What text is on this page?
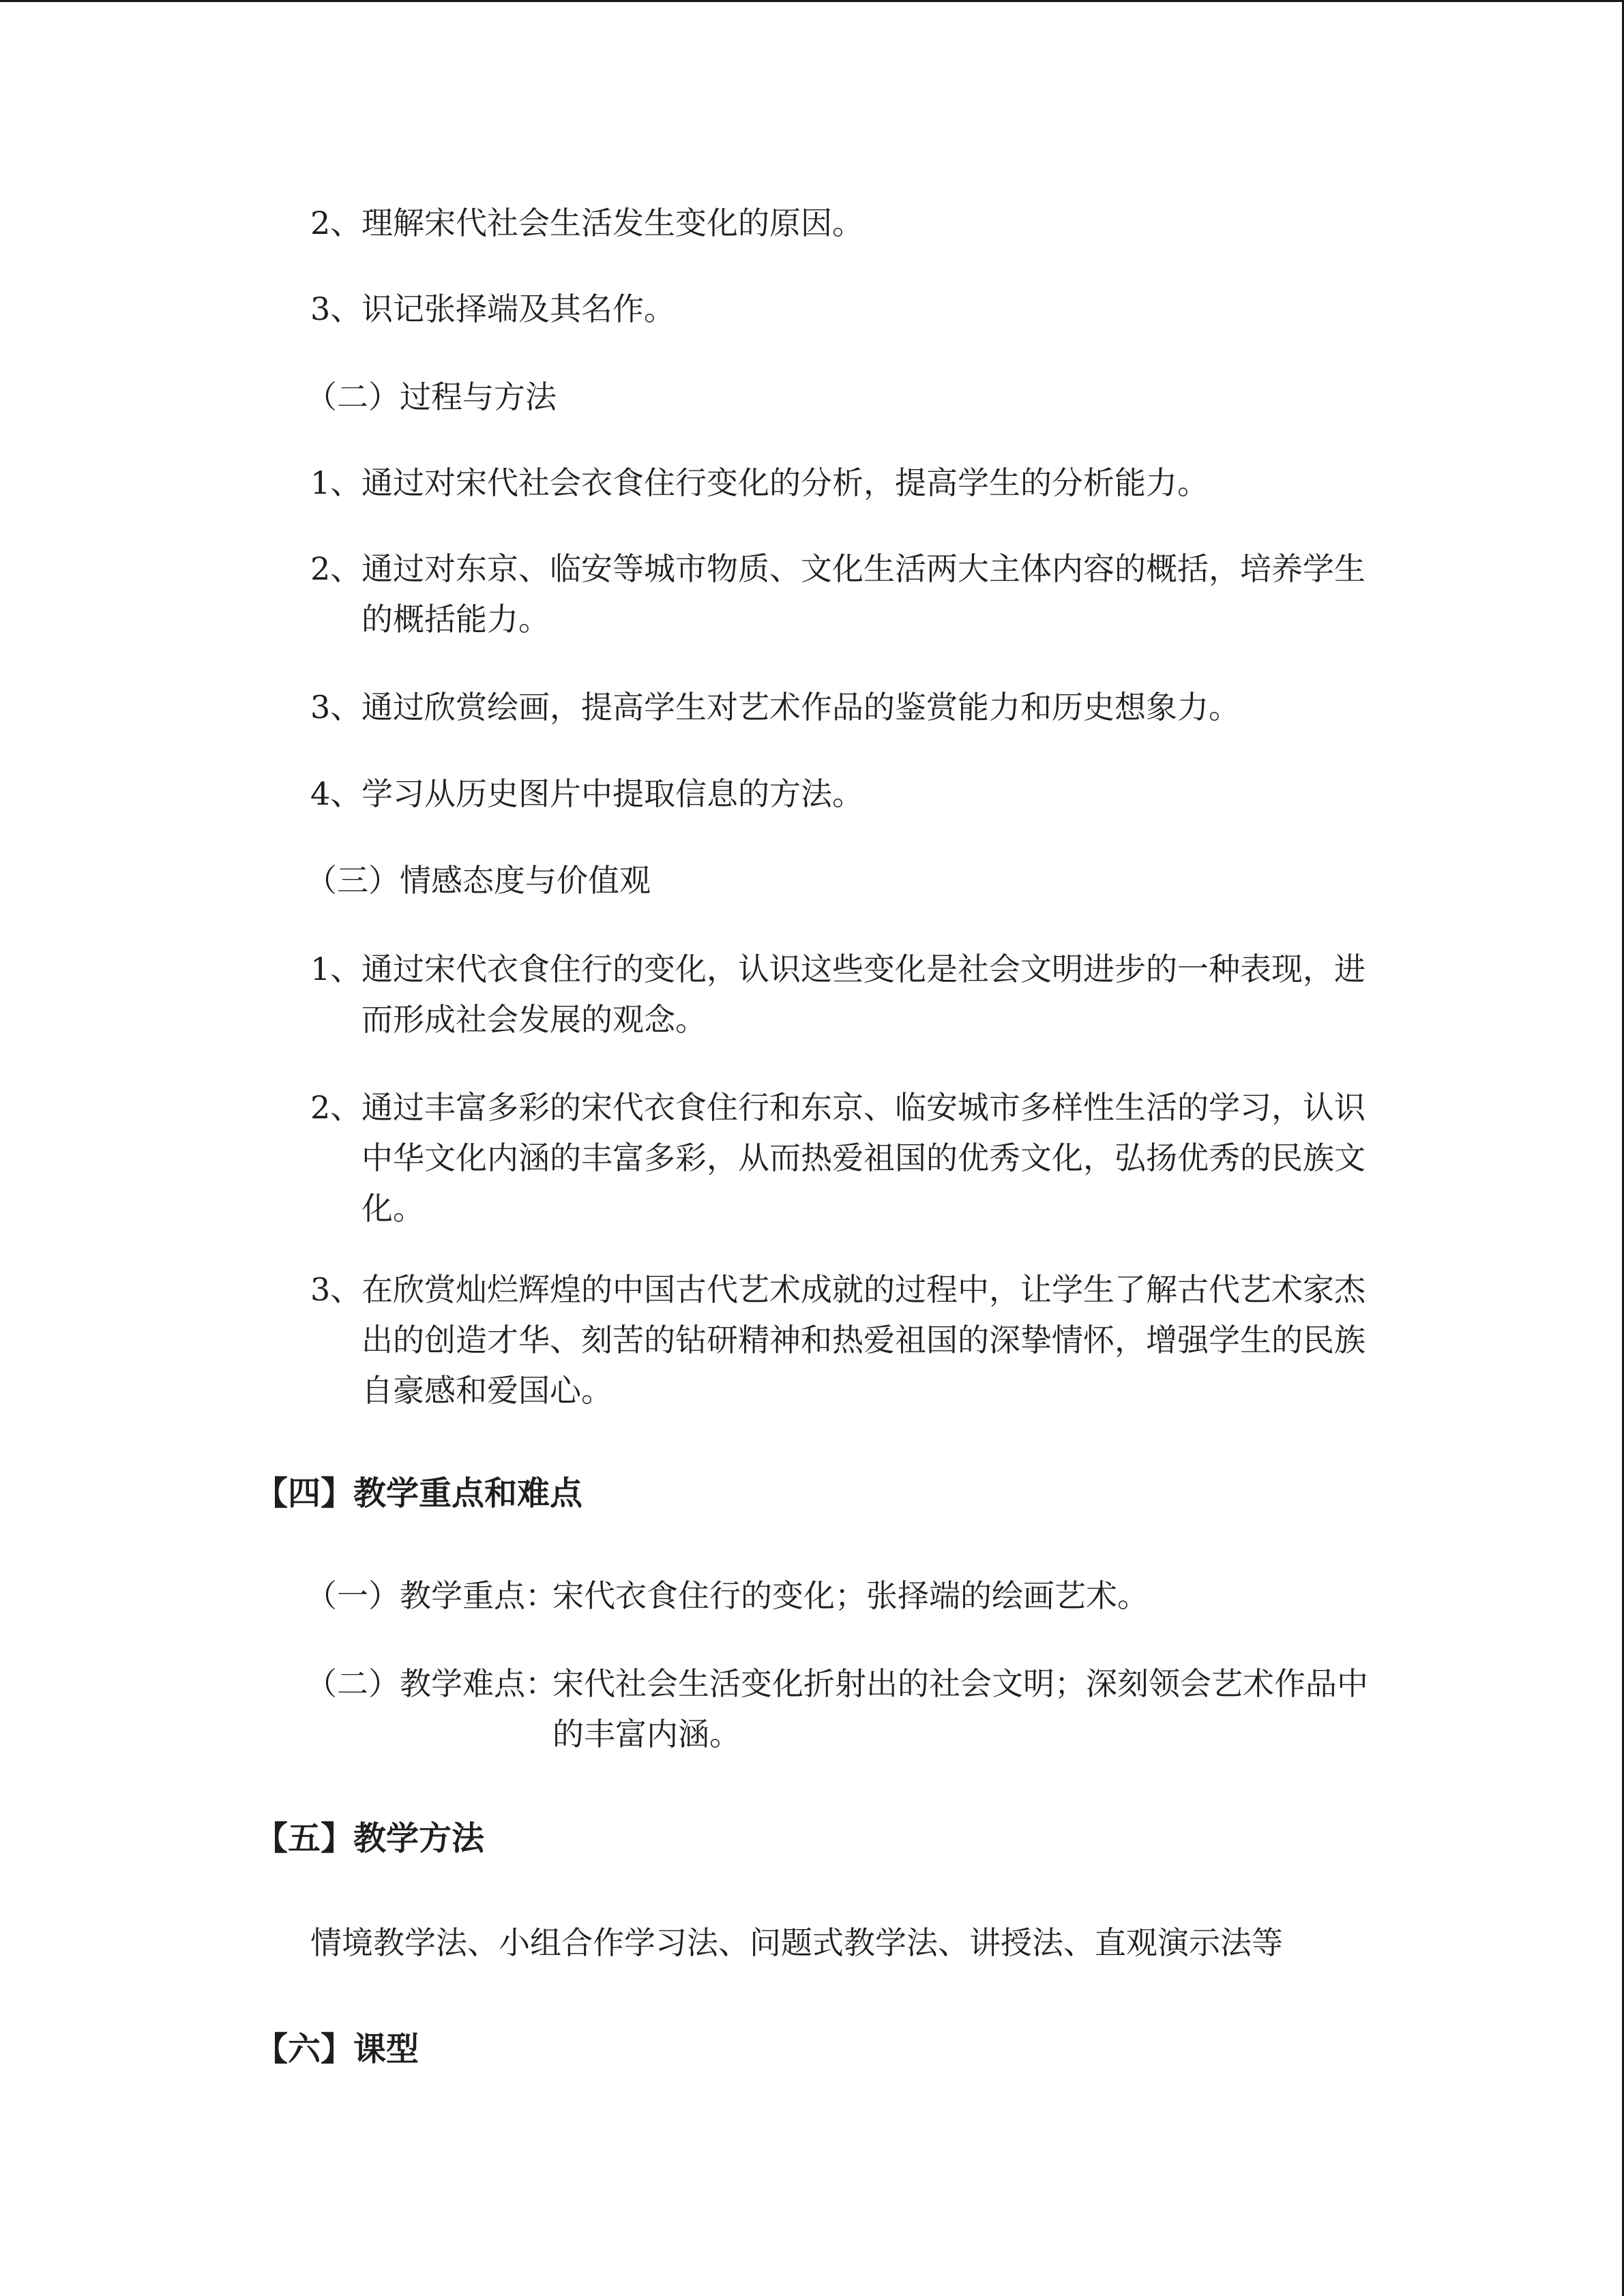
2、 理解宋代社会生活发生变化的原因。
3、 识记张择端及其名作。
（二）过程与方法
1、 通过对宋代社会衣食住行变化的分析，提高学生的分析能力。
2、 通过对东京、临安等城市物质、文化生活两大主体内容的概括，培养学生的概括能力。
3、 通过欣赏绘画，提高学生对艺术作品的鉴赏能力和历史想象力。
4、 学习从历史图片中提取信息的方法。
（三）情感态度与价值观
1、 通过宋代衣食住行的变化，认识这些变化是社会文明进步的一种表现，进而形成社会发展的观念。
2、 通过丰富多彩的宋代衣食住行和东京、临安城市多样性生活的学习，认识中华文化内涵的丰富多彩，从而热爱祖国的优秀文化，弘扬优秀的民族文化。
3、 在欣赏灿烂辉煌的中国古代艺术成就的过程中，让学生了解古代艺术家杰出的创造才华、刻苦的钻研精神和热爱祖国的深挚情怀，增强学生的民族自豪感和爱国心。
【四】教学重点和难点
（一）教学重点：
宋代衣食住行的变化；张择端的绘画艺术。
（二）教学难点：
宋代社会生活变化折射出的社会文明；深刻领会艺术作品中的丰富内涵。
【五】教学方法
情境教学法、小组合作学习法、问题式教学法、讲授法、直观演示法等
【六】课型
